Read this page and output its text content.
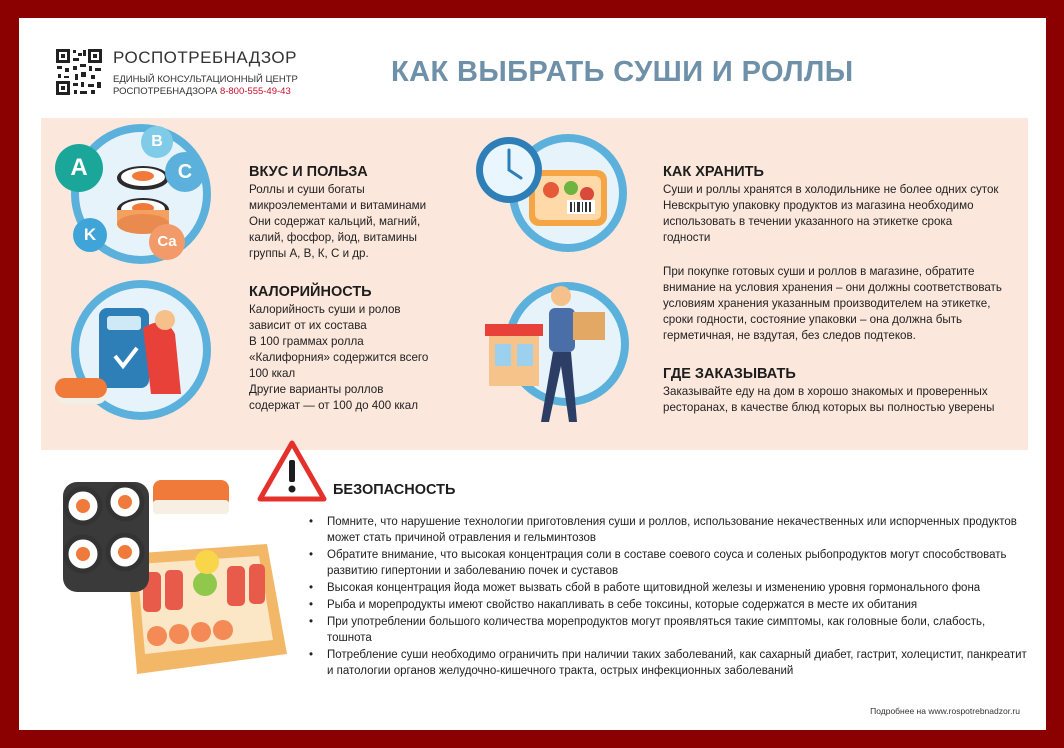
РОСПОТРЕБНАДЗОР
ЕДИНЫЙ КОНСУЛЬТАЦИОННЫЙ ЦЕНТР
РОСПОТРЕБНАДЗОРА 8-800-555-49-43
КАК ВЫБРАТЬ СУШИ И РОЛЛЫ
A
B
C
K	Ca
ВКУС И ПОЛЬЗА

Роллы и суши богаты

микроэлементами и витаминами

Они содержат кальций, магний,

калий, фосфор, йод, витамины

группы А, В, К, С и др.

КАЛОРИЙНОСТЬ

Калорийность суши и ролов

зависит от их состава

В 100 граммах ролла

«Калифорния» содержится всего

100 ккал

Другие варианты роллов

содержат — от 100 до 400 ккал

КАК ХРАНИТЬ

Суши и роллы хранятся в холодильнике не более одних суток

Невскрытую упаковку продуктов из магазина необходимо

использовать в течении указанного на этикетке срока

годности

При покупке готовых суши и роллов в магазине, обратите

внимание на условия хранения – они должны соответствовать

условиям хранения указанным производителем на этикетке,

сроки годности, состояние упаковки – она должна быть

герметичная, не вздутая, без следов подтеков.

ГДЕ ЗАКАЗЫВАТЬ

Заказывайте еду на дом в хорошо знакомых и проверенных

ресторанах, в качестве блюд которых вы полностью уверены

БЕЗОПАСНОСТЬ
• Помните, что нарушение технологии приготовления суши и роллов, использование некачественных или испорченных продуктов может стать причиной отравления и гельминтозов
• Обратите внимание, что высокая концентрация соли в составе соевого соуса и соленых рыбопродуктов могут способствовать развитию гипертонии и заболеванию почек и суставов
• Высокая концентрация йода может вызвать сбой в работе щитовидной железы и изменению уровня гормонального фона
• Рыба и морепродукты имеют свойство накапливать в себе токсины, которые содержатся в месте их обитания
• При употреблении большого количества морепродуктов могут проявляться такие симптомы, как головные боли, слабость, тошнота
• Потребление суши необходимо ограничить при наличии таких заболеваний, как сахарный диабет, гастрит, холецистит, панкреатит и патологии органов желудочно-кишечного тракта, острых инфекционных заболеваний
Подробнее на www.rospotrebnadzor.ru
